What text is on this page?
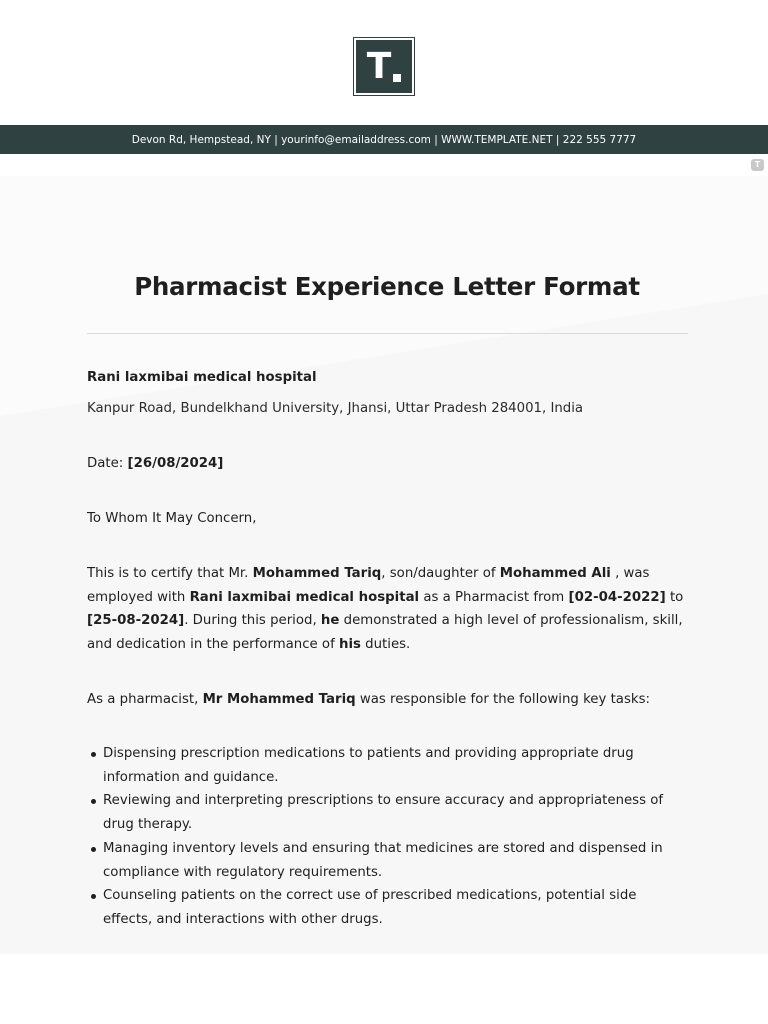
T
Devon Rd, Hempstead, NY | yourinfo@emailaddress.com | WWW.TEMPLATE.NET | 222 555 7777
T
Pharmacist Experience Letter Format
Rani laxmibai medical hospital
Kanpur Road, Bundelkhand University, Jhansi, Uttar Pradesh 284001, India
Date: [26/08/2024]
To Whom It May Concern,

This is to certify that Mr. Mohammed Tariq, son/daughter of Mohammed Ali , was employed with Rani laxmibai medical hospital as a Pharmacist from [02-04-2022] to [25-08-2024]. During this period, he demonstrated a high level of professionalism, skill, and dedication in the performance of his duties.

As a pharmacist, Mr Mohammed Tariq was responsible for the following key tasks:

Dispensing prescription medications to patients and providing appropriate drug information and guidance.
Reviewing and interpreting prescriptions to ensure accuracy and appropriateness of drug therapy.
Managing inventory levels and ensuring that medicines are stored and dispensed in compliance with regulatory requirements.
Counseling patients on the correct use of prescribed medications, potential side effects, and interactions with other drugs.
